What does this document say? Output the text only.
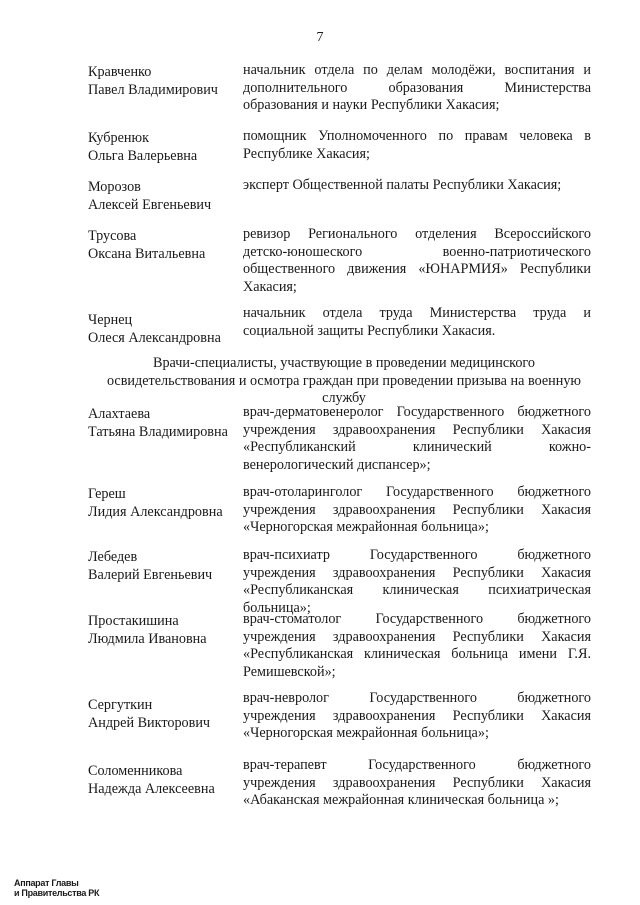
7
Кравченко
Павел Владимирович
начальник отдела по делам молодёжи, воспитания и дополнительного образования Министерства образования и науки Республики Хакасия;
Кубренюк
Ольга Валерьевна
помощник Уполномоченного по правам человека в Республике Хакасия;
Морозов
Алексей Евгеньевич
эксперт Общественной палаты Республики Хакасия;
Трусова
Оксана Витальевна
ревизор Регионального отделения Всероссийского детско-юношеского военно-патриотического общественного движения «ЮНАРМИЯ» Республики Хакасия;
Чернец
Олеся Александровна
начальник отдела труда Министерства труда и социальной защиты Республики Хакасия.
Врачи-специалисты, участвующие в проведении медицинского освидетельствования и осмотра граждан при проведении призыва на военную службу
Алахтаева
Татьяна Владимировна
врач-дерматовенеролог Государственного бюджетного учреждения здравоохранения Республики Хакасия «Республиканский клинический кожно-венерологический диспансер»;
Гереш
Лидия Александровна
врач-отоларинголог Государственного бюджетного учреждения здравоохранения Республики Хакасия «Черногорская межрайонная больница»;
Лебедев
Валерий Евгеньевич
врач-психиатр Государственного бюджетного учреждения здравоохранения Республики Хакасия «Республиканская клиническая психиатрическая больница»;
Простакишина
Людмила Ивановна
врач-стоматолог Государственного бюджетного учреждения здравоохранения Республики Хакасия «Республиканская клиническая больница имени Г.Я. Ремишевской»;
Сергуткин
Андрей Викторович
врач-невролог Государственного бюджетного учреждения здравоохранения Республики Хакасия «Черногорская межрайонная больница»;
Соломенникова
Надежда Алексеевна
врач-терапевт Государственного бюджетного учреждения здравоохранения Республики Хакасия «Абаканская межрайонная клиническая больница »;
Аппарат Главы
и Правительства РК
